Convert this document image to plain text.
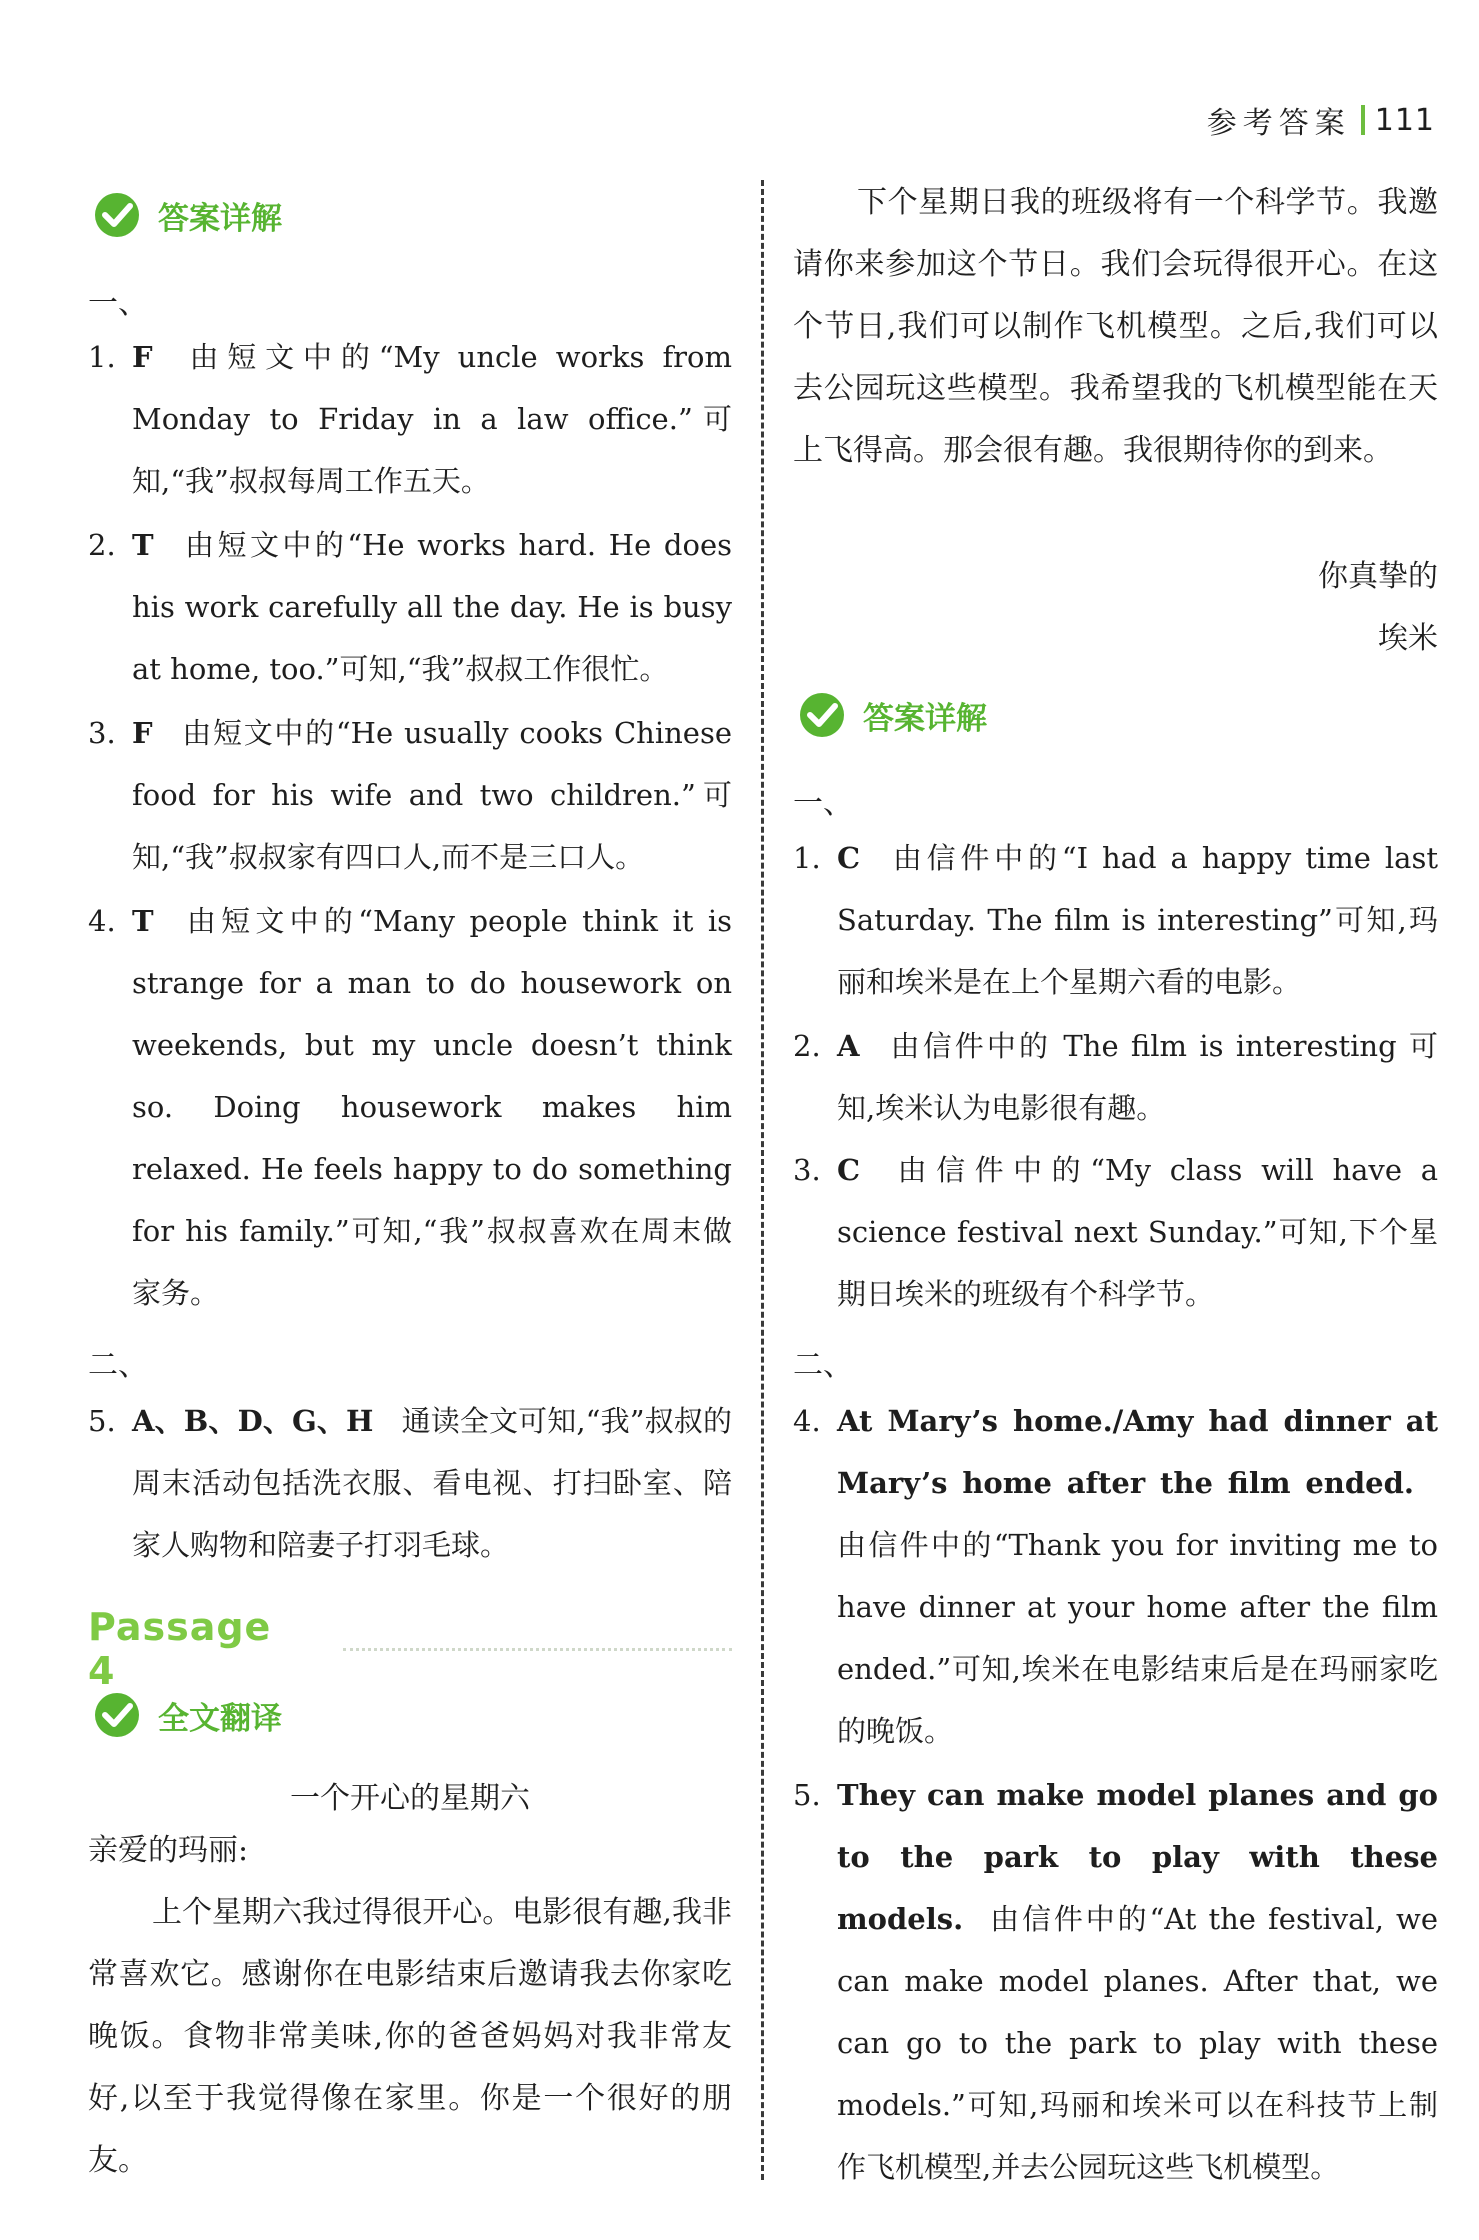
参考答案 111
答案详解
一、
1. F 由短文中的“My uncle works from Monday to Friday in a law office.”可知,“我”叔叔每周工作五天。
2. T 由短文中的“He works hard. He does his work carefully all the day. He is busy at home, too.”可知,“我”叔叔工作很忙。
3. F 由短文中的“He usually cooks Chinese food for his wife and two children.”可知,“我”叔叔家有四口人,而不是三口人。
4. T 由短文中的“Many people think it is strange for a man to do housework on weekends, but my uncle doesn’t think so. Doing housework makes him relaxed. He feels happy to do something for his family.”可知,“我”叔叔喜欢在周末做家务。
二、
5. A、B、D、G、H 通读全文可知,“我”叔叔的周末活动包括洗衣服、看电视、打扫卧室、陪家人购物和陪妻子打羽毛球。
Passage 4
全文翻译
一个开心的星期六
亲爱的玛丽:
上个星期六我过得很开心。电影很有趣,我非常喜欢它。感谢你在电影结束后邀请我去你家吃晚饭。食物非常美味,你的爸爸妈妈对我非常友好,以至于我觉得像在家里。你是一个很好的朋友。
下个星期日我的班级将有一个科学节。我邀请你来参加这个节日。我们会玩得很开心。在这个节日,我们可以制作飞机模型。之后,我们可以去公园玩这些模型。我希望我的飞机模型能在天上飞得高。那会很有趣。我很期待你的到来。
你真挚的
埃米
答案详解
一、
1. C 由信件中的“I had a happy time last Saturday. The film is interesting”可知,玛丽和埃米是在上个星期六看的电影。
2. A 由信件中的 The film is interesting 可知,埃米认为电影很有趣。
3. C 由信件中的“My class will have a science festival next Sunday.”可知,下个星期日埃米的班级有个科学节。
二、
4. At Mary’s home./Amy had dinner at Mary’s home after the film ended.由信件中的“Thank you for inviting me to have dinner at your home after the film ended.”可知,埃米在电影结束后是在玛丽家吃的晚饭。
5. They can make model planes and go to the park to play with these models. 由信件中的“At the festival, we can make model planes. After that, we can go to the park to play with these models.”可知,玛丽和埃米可以在科技节上制作飞机模型,并去公园玩这些飞机模型。
